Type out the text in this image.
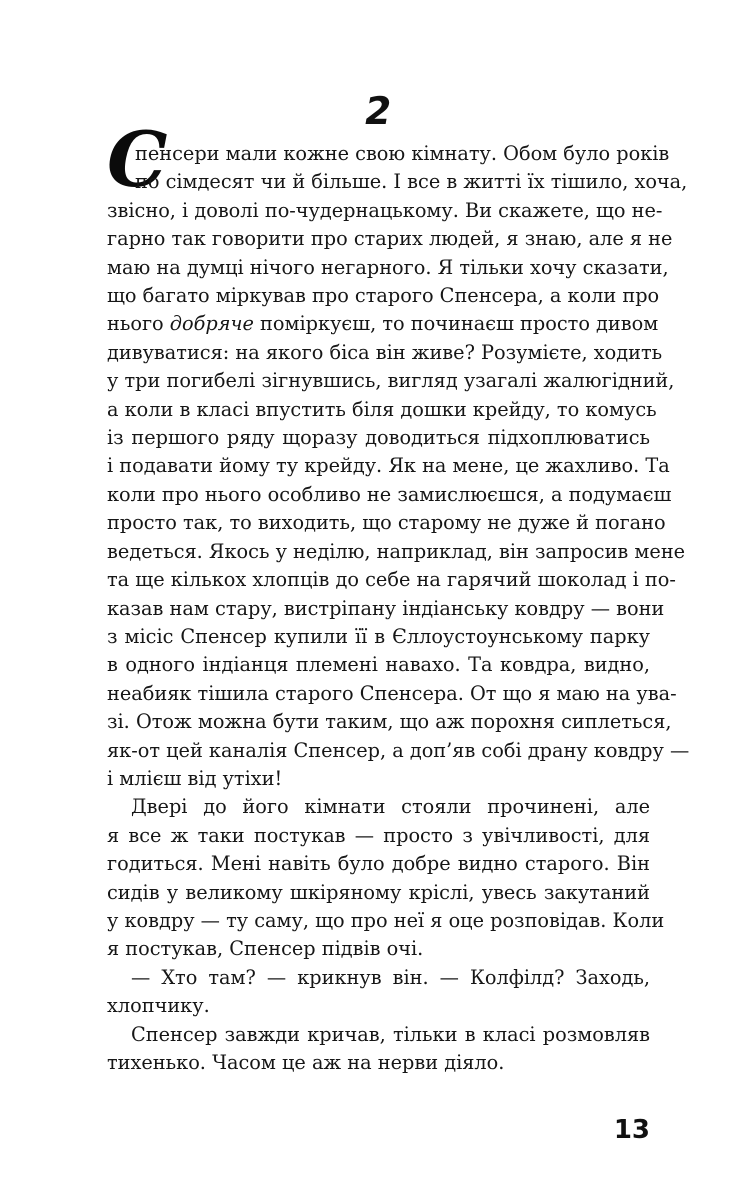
2
С
пенсери мали кожне свою кімнату. Обом було років
по сімдесят чи й більше. І все в житті їх тішило, хоча,
звісно, і доволі по-чудернацькому. Ви скажете, що не-
гарно так говорити про старих людей, я знаю, але я не
маю на думці нічого негарного. Я тільки хочу сказати,
що багато міркував про старого Спенсера, а коли про
нього добряче поміркуєш, то починаєш просто дивом
дивуватися: на якого біса він живе? Розумієте, ходить
у три погибелі зігнувшись, вигляд узагалі жалюгідний,
а коли в класі впустить біля дошки крейду, то комусь
із першого ряду щоразу доводиться підхоплюватись
і подавати йому ту крейду. Як на мене, це жахливо. Та
коли про нього особливо не замислюєшся, а подумаєш
просто так, то виходить, що старому не дуже й погано
ведеться. Якось у неділю, наприклад, він запросив мене
та ще кількох хлопців до себе на гарячий шоколад і по-
казав нам стару, вистріпану індіанську ковдру — вони
з місіс Спенсер купили її в Єллоустоунському парку
в одного індіанця племені навахо. Та ковдра, видно,
неабияк тішила старого Спенсера. От що я маю на ува-
зі. Отож можна бути таким, що аж порохня сиплеться,
як-от цей каналія Спенсер, а доп’яв собі драну ковдру —
і млієш від утіхи!
Двері до його кімнати стояли прочинені, але
я все ж таки постукав — просто з увічливості, для
годиться. Мені навіть було добре видно старого. Він
сидів у великому шкіряному кріслі, увесь закутаний
у ковдру — ту саму, що про неї я оце розповідав. Коли
я постукав, Спенсер підвів очі.
— Хто там? — крикнув він. — Колфілд? Заходь,
хлопчику.
Спенсер завжди кричав, тільки в класі розмовляв
тихенько. Часом це аж на нерви діяло.
13
